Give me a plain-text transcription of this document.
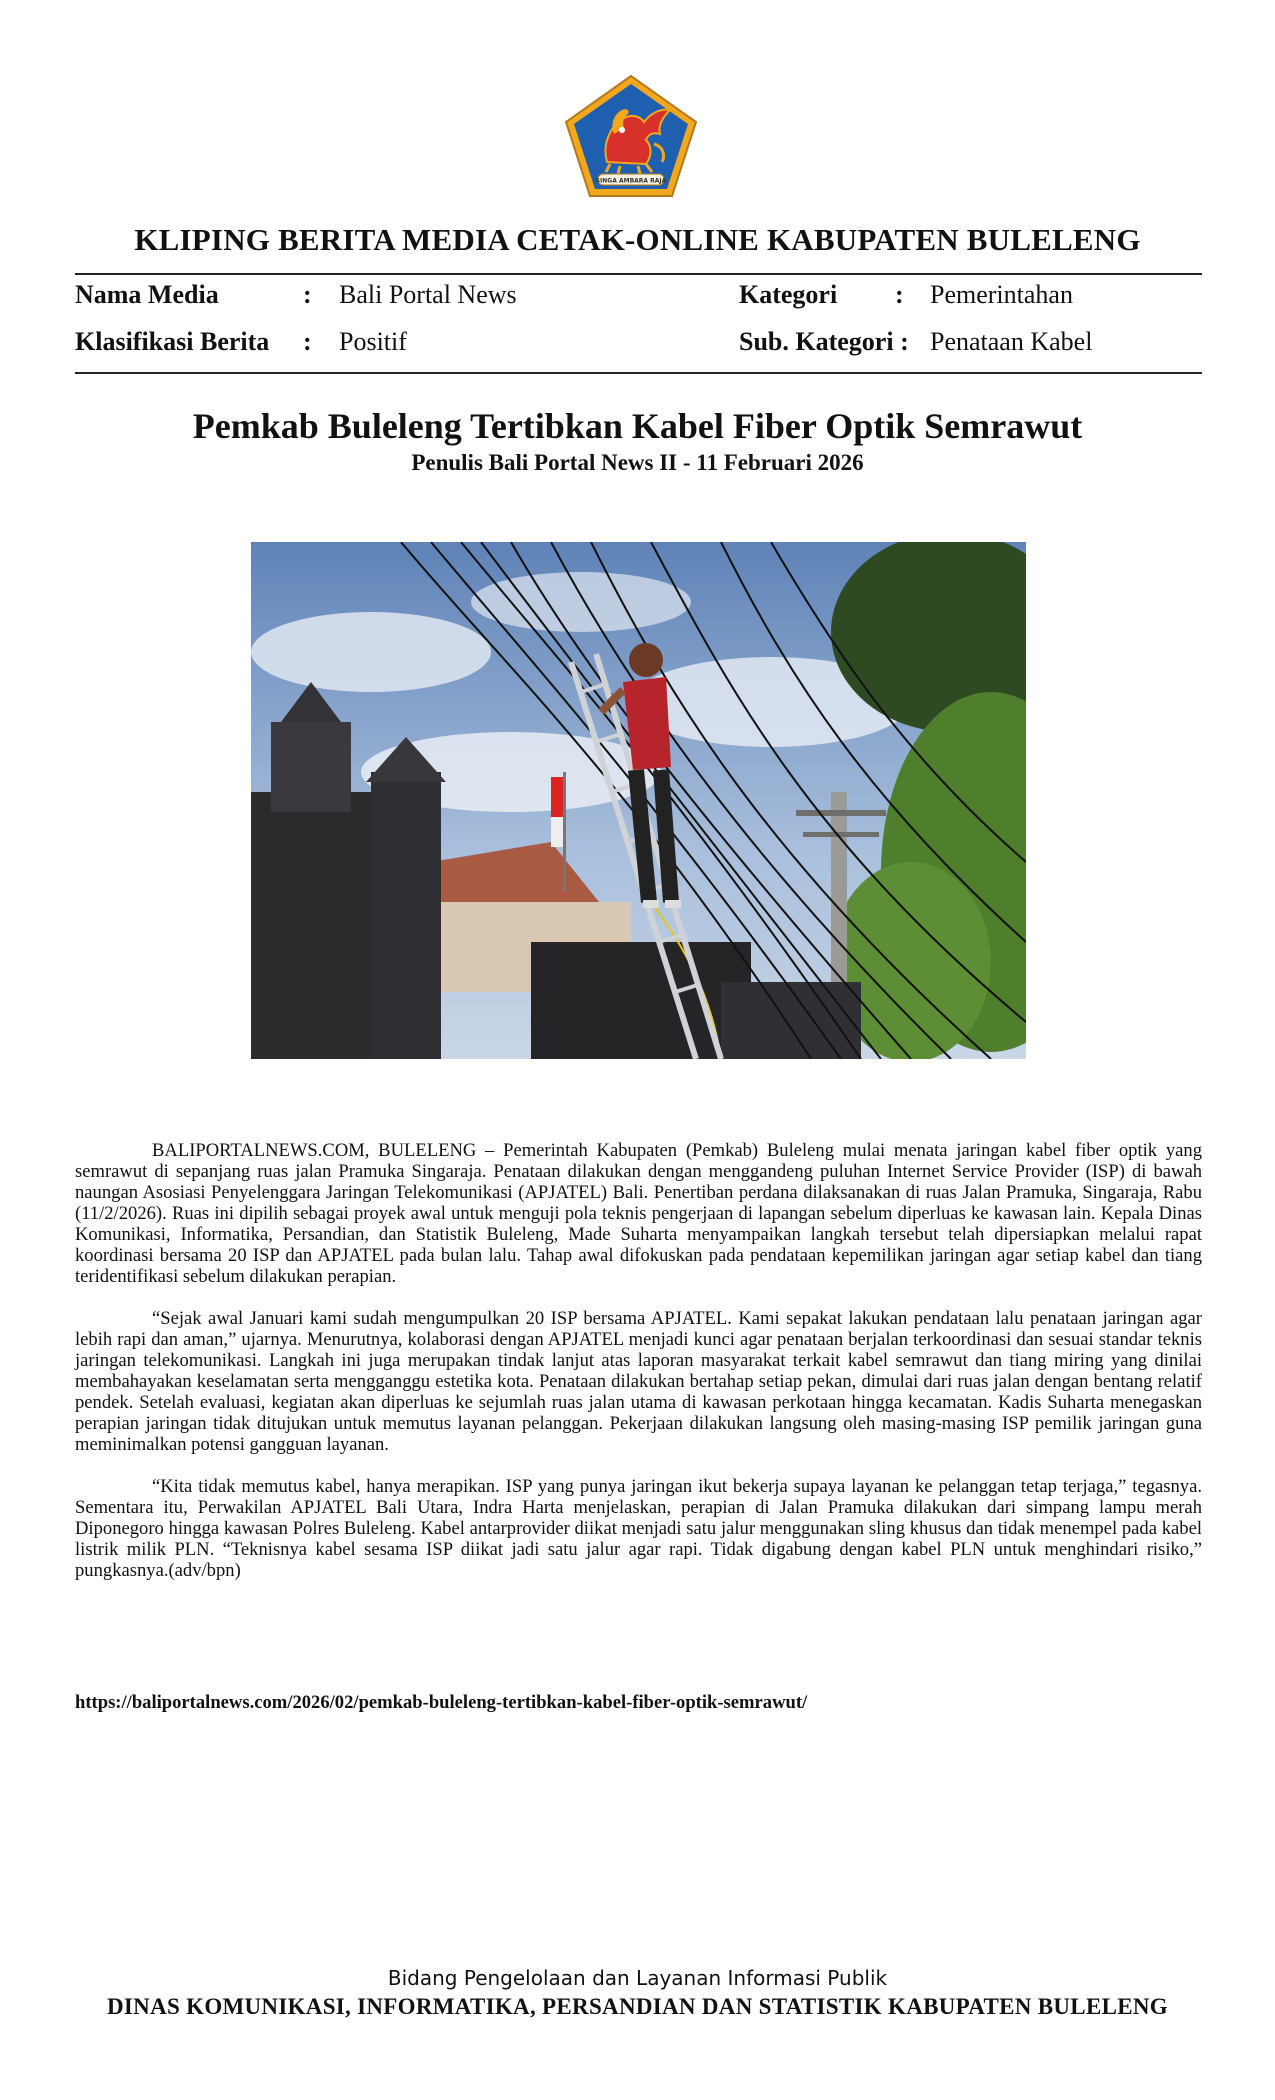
SINGA AMBARA RAJA
KLIPING BERITA MEDIA CETAK-ONLINE KABUPATEN BULELENG
Nama Media	: Bali Portal News	Kategori : Pemerintahan
Klasifikasi Berita : Positif	Sub. Kategori : Penataan Kabel
Pemkab Buleleng Tertibkan Kabel Fiber Optik Semrawut
Penulis Bali Portal News II - 11 Februari 2026

BALIPORTALNEWS.COM, BULELENG – Pemerintah Kabupaten (Pemkab) Buleleng mulai menata jaringan kabel fiber optik yang semrawut di sepanjang ruas jalan Pramuka Singaraja. Penataan dilakukan dengan menggandeng puluhan Internet Service Provider (ISP) di bawah naungan Asosiasi Penyelenggara Jaringan Telekomunikasi (APJATEL) Bali. Penertiban perdana dilaksanakan di ruas Jalan Pramuka, Singaraja, Rabu (11/2/2026). Ruas ini dipilih sebagai proyek awal untuk menguji pola teknis pengerjaan di lapangan sebelum diperluas ke kawasan lain. Kepala Dinas Komunikasi, Informatika, Persandian, dan Statistik Buleleng, Made Suharta menyampaikan langkah tersebut telah dipersiapkan melalui rapat koordinasi bersama 20 ISP dan APJATEL pada bulan lalu. Tahap awal difokuskan pada pendataan kepemilikan jaringan agar setiap kabel dan tiang teridentifikasi sebelum dilakukan perapian.

“Sejak awal Januari kami sudah mengumpulkan 20 ISP bersama APJATEL. Kami sepakat lakukan pendataan lalu penataan jaringan agar lebih rapi dan aman,” ujarnya. Menurutnya, kolaborasi dengan APJATEL menjadi kunci agar penataan berjalan terkoordinasi dan sesuai standar teknis jaringan telekomunikasi. Langkah ini juga merupakan tindak lanjut atas laporan masyarakat terkait kabel semrawut dan tiang miring yang dinilai membahayakan keselamatan serta mengganggu estetika kota. Penataan dilakukan bertahap setiap pekan, dimulai dari ruas jalan dengan bentang relatif pendek. Setelah evaluasi, kegiatan akan diperluas ke sejumlah ruas jalan utama di kawasan perkotaan hingga kecamatan. Kadis Suharta menegaskan perapian jaringan tidak ditujukan untuk memutus layanan pelanggan. Pekerjaan dilakukan langsung oleh masing-masing ISP pemilik jaringan guna meminimalkan potensi gangguan layanan.

“Kita tidak memutus kabel, hanya merapikan. ISP yang punya jaringan ikut bekerja supaya layanan ke pelanggan tetap terjaga,” tegasnya. Sementara itu, Perwakilan APJATEL Bali Utara, Indra Harta menjelaskan, perapian di Jalan Pramuka dilakukan dari simpang lampu merah Diponegoro hingga kawasan Polres Buleleng. Kabel antarprovider diikat menjadi satu jalur menggunakan sling khusus dan tidak menempel pada kabel listrik milik PLN. “Teknisnya kabel sesama ISP diikat jadi satu jalur agar rapi. Tidak digabung dengan kabel PLN untuk menghindari risiko,” pungkasnya.(adv/bpn)

https://baliportalnews.com/2026/02/pemkab-buleleng-tertibkan-kabel-fiber-optik-semrawut/
Bidang Pengelolaan dan Layanan Informasi Publik
DINAS KOMUNIKASI, INFORMATIKA, PERSANDIAN DAN STATISTIK KABUPATEN BULELENG
